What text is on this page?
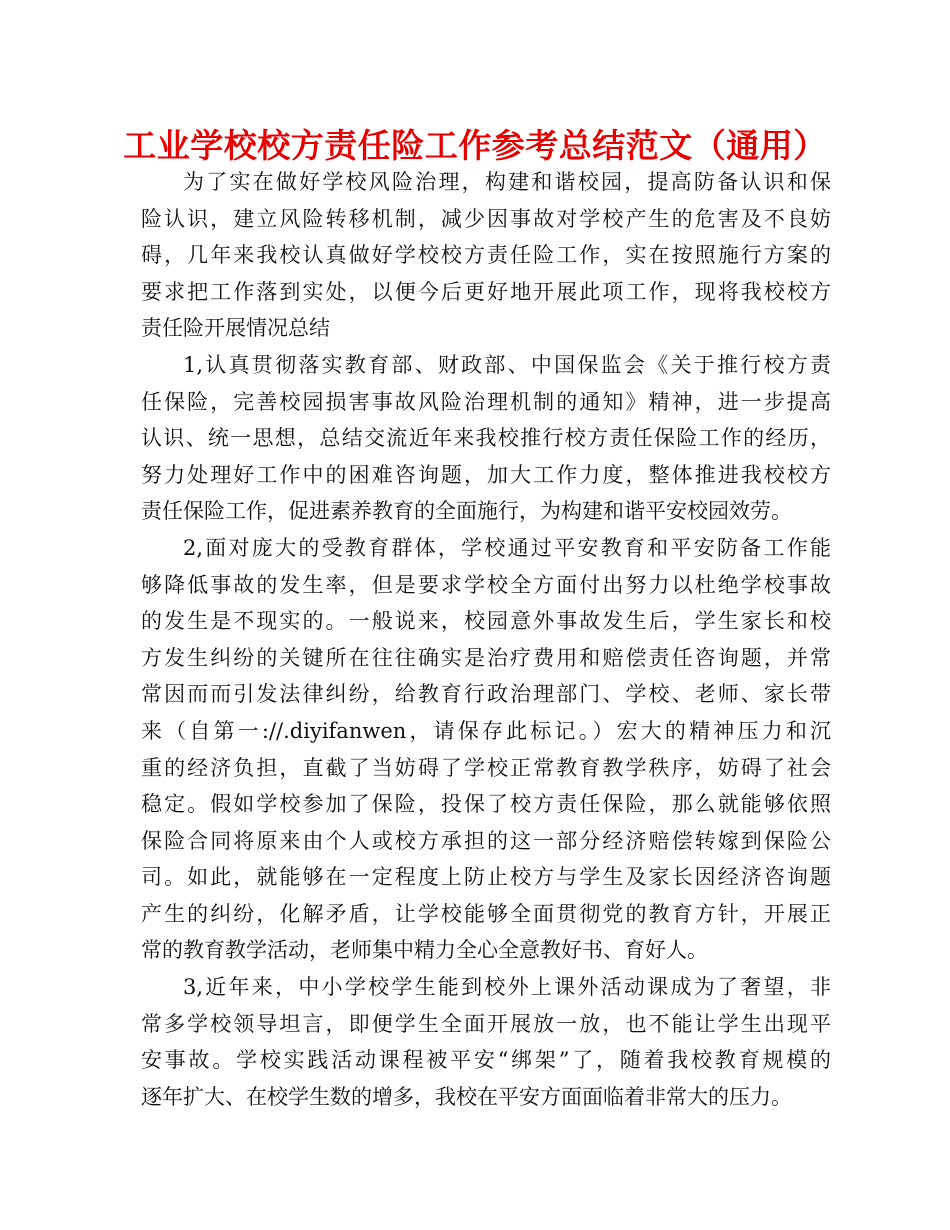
工业学校校方责任险工作参考总结范文（通用）
为了实在做好学校风险治理，构建和谐校园，提高防备认识和保
险认识，建立风险转移机制，减少因事故对学校产生的危害及不良妨
碍，几年来我校认真做好学校校方责任险工作，实在按照施行方案的
要求把工作落到实处，以便今后更好地开展此项工作，现将我校校方
责任险开展情况总结
1,认真贯彻落实教育部、财政部、中国保监会《关于推行校方责
任保险，完善校园损害事故风险治理机制的通知》精神，进一步提高
认识、统一思想，总结交流近年来我校推行校方责任保险工作的经历，
努力处理好工作中的困难咨询题，加大工作力度，整体推进我校校方
责任保险工作，促进素养教育的全面施行，为构建和谐平安校园效劳。
2,面对庞大的受教育群体，学校通过平安教育和平安防备工作能
够降低事故的发生率，但是要求学校全方面付出努力以杜绝学校事故
的发生是不现实的。一般说来，校园意外事故发生后，学生家长和校
方发生纠纷的关键所在往往确实是治疗费用和赔偿责任咨询题，并常
常因而而引发法律纠纷，给教育行政治理部门、学校、老师、家长带
来（自第一://.diyifanwen，请保存此标记。）宏大的精神压力和沉
重的经济负担，直截了当妨碍了学校正常教育教学秩序，妨碍了社会
稳定。假如学校参加了保险，投保了校方责任保险，那么就能够依照
保险合同将原来由个人或校方承担的这一部分经济赔偿转嫁到保险公
司。如此，就能够在一定程度上防止校方与学生及家长因经济咨询题
产生的纠纷，化解矛盾，让学校能够全面贯彻党的教育方针，开展正
常的教育教学活动，老师集中精力全心全意教好书、育好人。
3,近年来，中小学校学生能到校外上课外活动课成为了奢望，非
常多学校领导坦言，即便学生全面开展放一放，也不能让学生出现平
安事故。学校实践活动课程被平安“绑架”了，随着我校教育规模的
逐年扩大、在校学生数的增多，我校在平安方面面临着非常大的压力。
